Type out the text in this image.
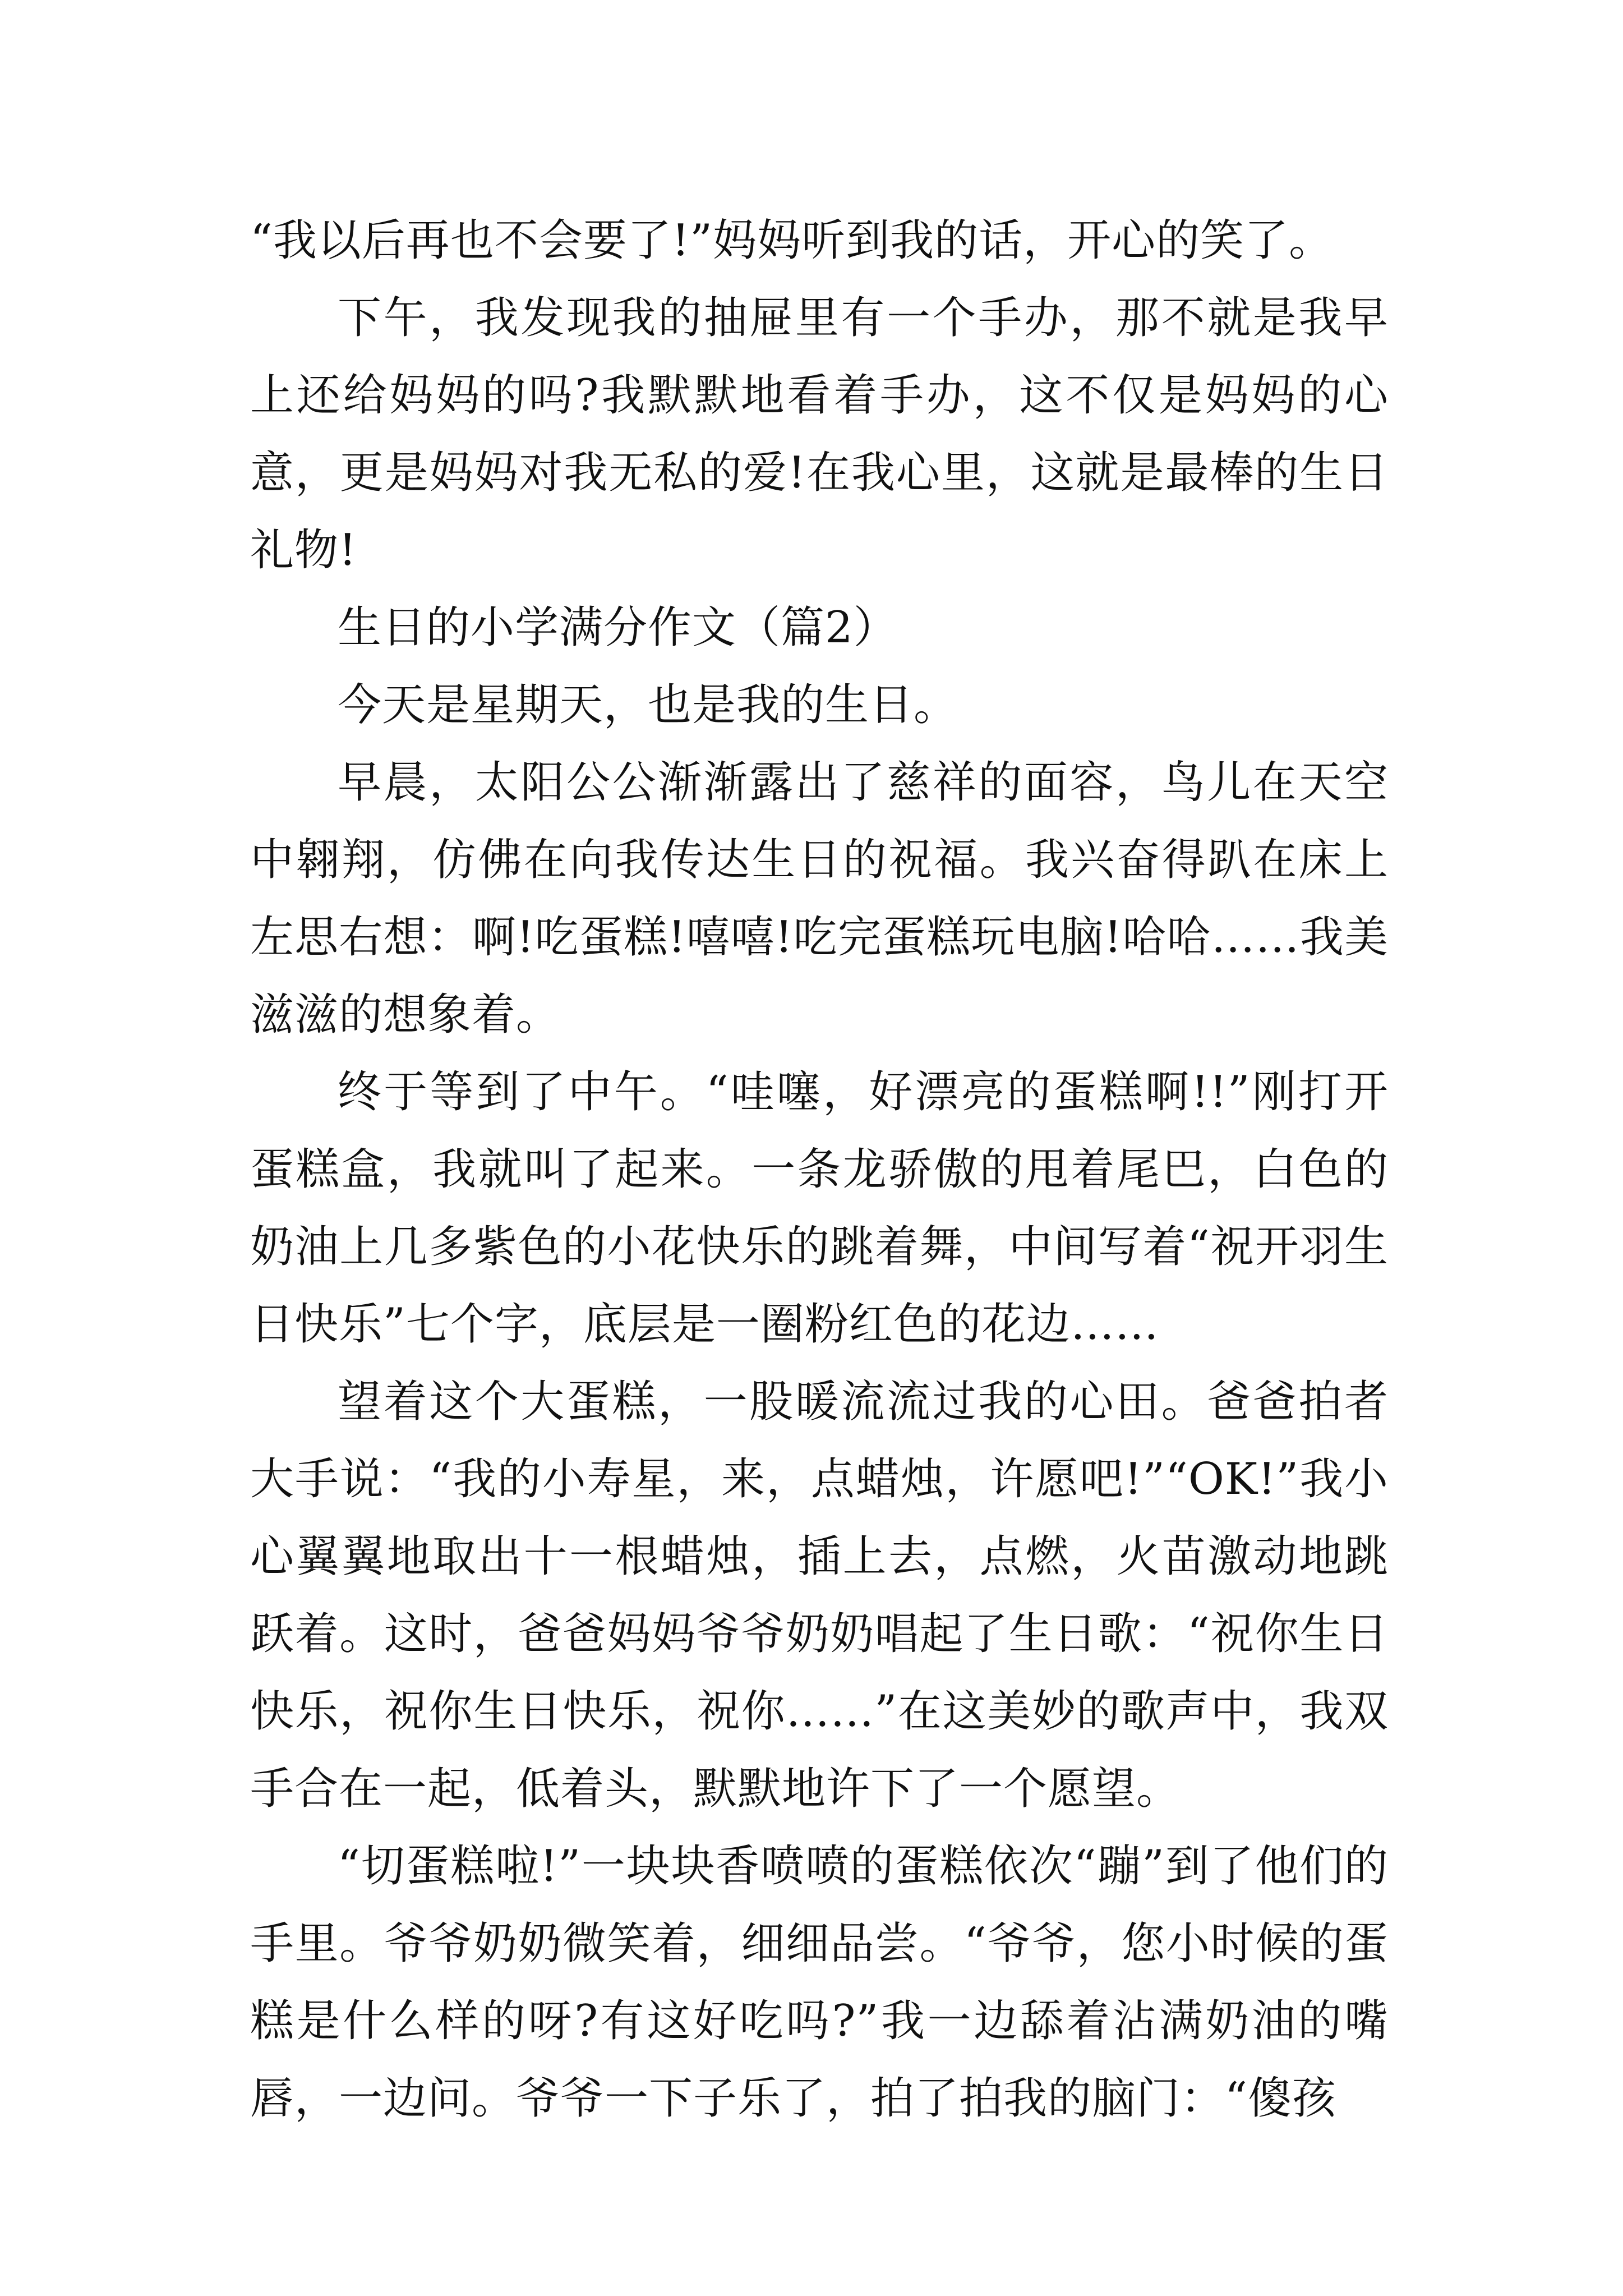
“我以后再也不会要了!”妈妈听到我的话，开心的笑了。

下午，我发现我的抽屉里有一个手办，那不就是我早上还给妈妈的吗?我默默地看着手办，这不仅是妈妈的心意，更是妈妈对我无私的爱!在我心里，这就是最棒的生日礼物!

生日的小学满分作文（篇2）

今天是星期天，也是我的生日。

早晨，太阳公公渐渐露出了慈祥的面容，鸟儿在天空中翱翔，仿佛在向我传达生日的祝福。我兴奋得趴在床上左思右想：啊!吃蛋糕!嘻嘻!吃完蛋糕玩电脑!哈哈……我美滋滋的想象着。

终于等到了中午。“哇噻，好漂亮的蛋糕啊!!”刚打开蛋糕盒，我就叫了起来。一条龙骄傲的甩着尾巴，白色的奶油上几多紫色的小花快乐的跳着舞，中间写着“祝开羽生日快乐”七个字，底层是一圈粉红色的花边……

望着这个大蛋糕，一股暖流流过我的心田。爸爸拍者大手说：“我的小寿星，来，点蜡烛，许愿吧!”“OK!”我小心翼翼地取出十一根蜡烛，插上去，点燃，火苗激动地跳跃着。这时，爸爸妈妈爷爷奶奶唱起了生日歌：“祝你生日快乐，祝你生日快乐，祝你……”在这美妙的歌声中，我双手合在一起，低着头，默默地许下了一个愿望。

“切蛋糕啦!”一块块香喷喷的蛋糕依次“蹦”到了他们的手里。爷爷奶奶微笑着，细细品尝。“爷爷，您小时候的蛋糕是什么样的呀?有这好吃吗?”我一边舔着沾满奶油的嘴唇，一边问。爷爷一下子乐了，拍了拍我的脑门：“傻孩
